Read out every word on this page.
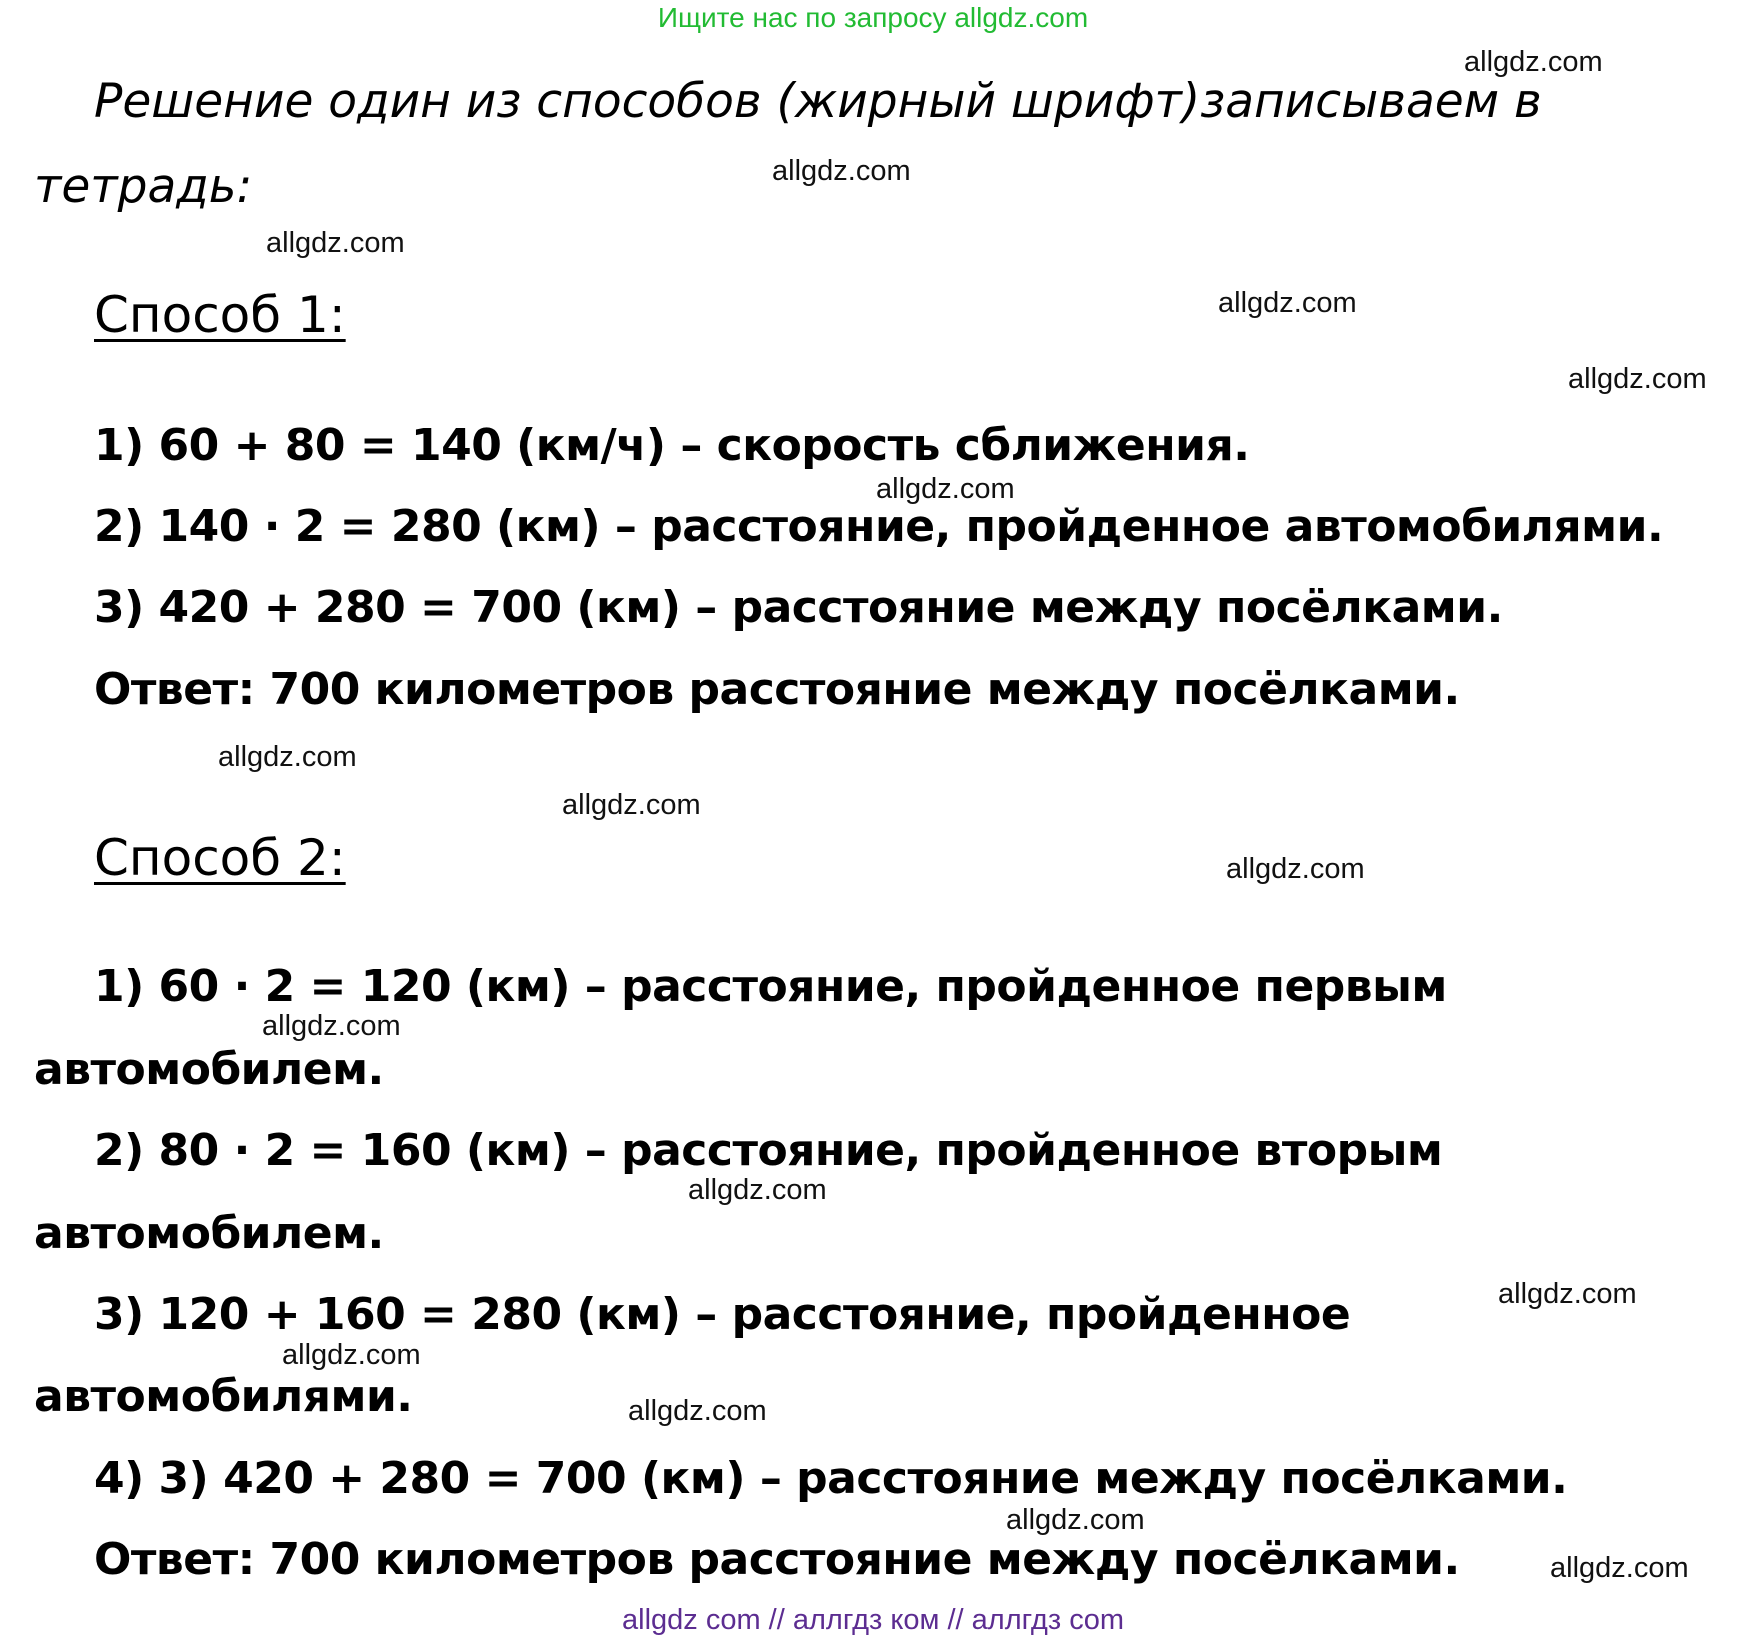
Ищите нас по запросу allgdz.com
Решение один из способов (жирный шрифт)записываем в
тетрадь:
Способ 1:
1) 60 + 80 = 140 (км/ч) – скорость сближения.
2) 140 · 2 = 280 (км) – расстояние, пройденное автомобилями.
3) 420 + 280 = 700 (км) – расстояние между посёлками.
Ответ: 700 километров расстояние между посёлками.
Способ 2:
1) 60 · 2 = 120 (км) – расстояние, пройденное первым
автомобилем.
2) 80 · 2 = 160 (км) – расстояние, пройденное вторым
автомобилем.
3) 120 + 160 = 280 (км) – расстояние, пройденное
автомобилями.
4) 3) 420 + 280 = 700 (км) – расстояние между посёлками.
Ответ: 700 километров расстояние между посёлками.
allgdz.com
allgdz.com
allgdz.com
allgdz.com
allgdz.com
allgdz.com
allgdz.com
allgdz.com
allgdz.com
allgdz.com
allgdz.com
allgdz.com
allgdz.com
allgdz.com
allgdz.com
allgdz.com
allgdz com // аллгдз ком // аллгдз com
